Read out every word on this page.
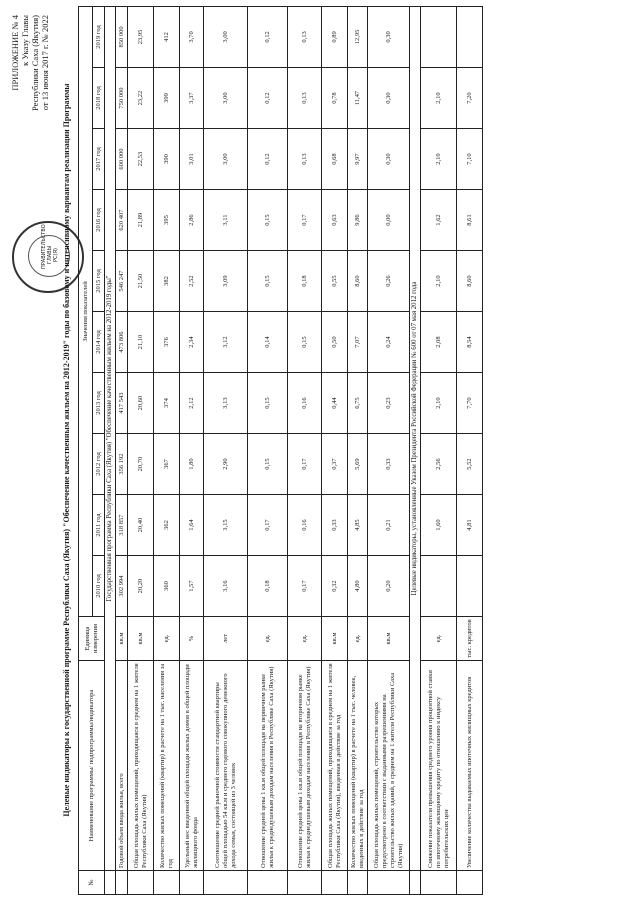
ПРАВИТЕЛЬСТВО ГЛАВЫ РС(Я)
ПРИЛОЖЕНИЕ № 4 к Указу Главы Республики Саха (Якутия) от 13 июня 2017 г. № 2022
Целевые индикаторы к государственной программе Республики Саха (Якутия) "Обеспечение качественным жильем на 2012-2019" годы по базовому и интенсивному вариантам реализации Программы
№	Наименование программы/ подпрограммы/индикатора	Единица измерения	Значения показателей									
			2010 год	2011 год	2012 год	2013 год	2014 год	2015 год	2016 год	2017 год	2018 год	2019 год
	Государственная программа Республики Саха (Якутия) "Обеспечение качественным жильем на 2012-2019 годы"											
	Годовой объем ввода жилья, всего	кв.м	302 994	318 857	356 192	417 543	473 806	546 247	620 407	600 000	750 000	850 000
	Общая площадь жилых помещений, приходящаяся в среднем на 1 жителя Республики Саха (Якутия)	кв.м	20,20	20,40	20,70	20,60	21,10	21,50	21,89	22,53	23,22	23,95
	Количество жилых помещений (квартир) в расчете на 1 тыс. населения за год	ед.	360	362	367	374	376	382	395	390	399	412
	Удельный вес введенной общей площади жилых домов в общей площади жилищного фонда	%	1,57	1,64	1,80	2,12	2,34	2,52	2,86	3,01	3,37	3,70
	Соотношение средней рыночной стоимости стандартной квартиры общей площадью 54 кв.м и среднего годового совокупного денежного дохода семьи, состоящей из 3 человек	лет	3,16	3,15	2,90	3,13	3,12	3,09	3,11	3,00	3,00	3,00
	Отношение средней цены 1 кв.м общей площади на первичном рынке жилья к среднедушевым доходам населения в Республике Саха (Якутия)	ед.	0,18	0,17	0,15	0,15	0,14	0,15	0,15	0,12	0,12	0,12
	Отношение средней цены 1 кв.м общей площади на вторичном рынке жилья к среднедушевым доходам населения в Республике Саха (Якутия)	ед.	0,17	0,16	0,17	0,16	0,15	0,18	0,17	0,13	0,13	0,13
	Общая площадь жилых помещений, приходящаяся в среднем на 1 жителя Республики Саха (Якутия), введенная в действие за год	кв.м	0,32	0,33	0,37	0,44	0,50	0,55	0,63	0,68	0,78	0,89
	Количество жилых помещений (квартир) в расчете на 1 тыс. человек, введенных в действие за год	ед.	4,80	4,85	5,69	6,75	7,07	8,60	9,86	9,97	11,47	12,95
	Общая площадь жилых помещений, строительство которых предусмотрено в соответствии с выданными разрешениями на строительство жилых зданий, в среднем на 1 жителя Республики Саха (Якутия)	кв.м	0,20	0,21	0,33	0,23	0,24	0,26	0,00	0,30	0,30	0,30
	Целевые индикаторы, установленные Указом Президента Российской Федерации № 600 от 07 мая 2012 года											
	Снижение показателя превышения среднего уровня процентной ставки по ипотечному жилищному кредиту по отношению к индексу потребительских цен	ед.		1,60	2,56	2,10	2,08	2,10	1,62	2,10	2,10	
	Увеличение количества выдаваемых ипотечных жилищных кредитов	тыс. кредитов		4,81	5,52	7,70	8,54	8,60	8,61	7,10	7,20	
